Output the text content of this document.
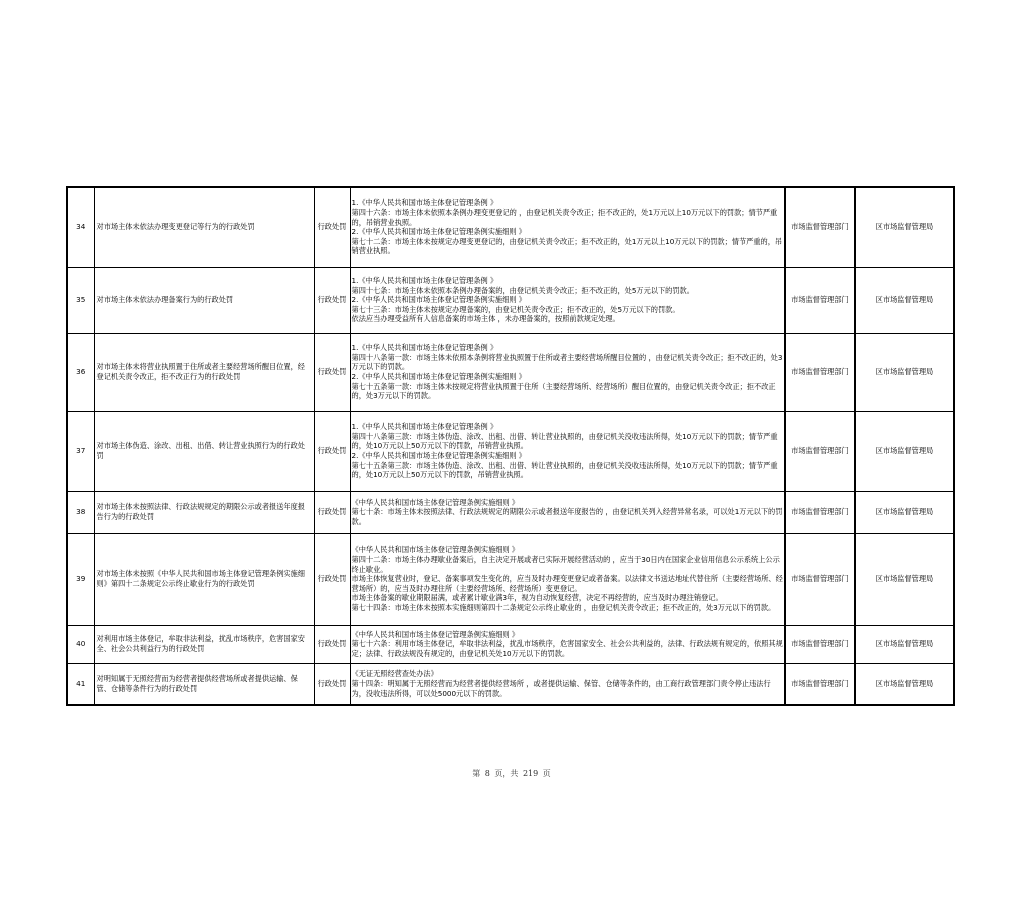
34	对市场主体未依法办理变更登记等行为的行政处罚	行政处罚	1.《中华人民共和国市场主体登记管理条例 》
第四十六条：市场主体未依照本条例办理变更登记的 ，由登记机关责令改正；拒不改正的，处1万元以上10万元以下的罚款；情节严重的，吊销营业执照。
2.《中华人民共和国市场主体登记管理条例实施细则 》
第七十二条：市场主体未按规定办理变更登记的，由登记机关责令改正；拒不改正的，处1万元以上10万元以下的罚款；情节严重的，吊销营业执照。	市场监督管理部门	区市场监督管理局
35	对市场主体未依法办理备案行为的行政处罚	行政处罚	1.《中华人民共和国市场主体登记管理条例 》
第四十七条：市场主体未依照本条例办理备案的，由登记机关责令改正；拒不改正的，处5万元以下的罚款。
2.《中华人民共和国市场主体登记管理条例实施细则 》
第七十三条：市场主体未按规定办理备案的，由登记机关责令改正；拒不改正的，处5万元以下的罚款。
依法应当办理受益所有人信息备案的市场主体 ，未办理备案的，按照前款规定处理。	市场监督管理部门	区市场监督管理局
36	对市场主体未将营业执照置于住所或者主要经营场所醒目位置，经登记机关责令改正，拒不改正行为的行政处罚	行政处罚	1.《中华人民共和国市场主体登记管理条例 》
第四十八条第一款：市场主体未依照本条例将营业执照置于住所或者主要经营场所醒目位置的 ，由登记机关责令改正；拒不改正的，处3万元以下的罚款。
2.《中华人民共和国市场主体登记管理条例实施细则 》
第七十五条第一款：市场主体未按规定将营业执照置于住所（主要经营场所、经营场所）醒目位置的，由登记机关责令改正；拒不改正的，处3万元以下的罚款。	市场监督管理部门	区市场监督管理局
37	对市场主体伪造、涂改、出租、出借、转让营业执照行为的行政处罚	行政处罚	1.《中华人民共和国市场主体登记管理条例 》
第四十八条第三款：市场主体伪造、涂改、出租、出借、转让营业执照的，由登记机关没收违法所得，处10万元以下的罚款；情节严重的，处10万元以上50万元以下的罚款，吊销营业执照。
2.《中华人民共和国市场主体登记管理条例实施细则 》
第七十五条第三款：市场主体伪造、涂改、出租、出借、转让营业执照的，由登记机关没收违法所得，处10万元以下的罚款；情节严重的，处10万元以上50万元以下的罚款，吊销营业执照。	市场监督管理部门	区市场监督管理局
38	对市场主体未按照法律、行政法规规定的期限公示或者报送年度报告行为的行政处罚	行政处罚	《中华人民共和国市场主体登记管理条例实施细则 》
第七十条：市场主体未按照法律、行政法规规定的期限公示或者报送年度报告的 ，由登记机关列入经营异常名录，可以处1万元以下的罚款。	市场监督管理部门	区市场监督管理局
39	对市场主体未按照《中华人民共和国市场主体登记管理条例实施细则》第四十二条规定公示终止歇业行为的行政处罚	行政处罚	《中华人民共和国市场主体登记管理条例实施细则 》
第四十二条：市场主体办理歇业备案后，自主决定开展或者已实际开展经营活动的 ，应当于30日内在国家企业信用信息公示系统上公示终止歇业。
市场主体恢复营业时，登记、备案事项发生变化的，应当及时办理变更登记或者备案。以法律文书送达地址代替住所（主要经营场所、经营场所）的，应当及时办理住所（主要经营场所、经营场所）变更登记。
市场主体备案的歇业期限届满，或者累计歇业满3年，视为自动恢复经营，决定不再经营的，应当及时办理注销登记。
第七十四条：市场主体未按照本实施细则第四十二条规定公示终止歇业的 ，由登记机关责令改正；拒不改正的，处3万元以下的罚款。	市场监督管理部门	区市场监督管理局
40	对利用市场主体登记，牟取非法利益，扰乱市场秩序，危害国家安全、社会公共利益行为的行政处罚	行政处罚	《中华人民共和国市场主体登记管理条例实施细则 》
第七十六条：利用市场主体登记，牟取非法利益，扰乱市场秩序，危害国家安全、社会公共利益的，法律、行政法规有规定的，依照其规定；法律、行政法规没有规定的，由登记机关处10万元以下的罚款。	市场监督管理部门	区市场监督管理局
41	对明知属于无照经营而为经营者提供经营场所或者提供运输、保管、仓储等条件行为的行政处罚	行政处罚	《无证无照经营查处办法》
第十四条：明知属于无照经营而为经营者提供经营场所 ，或者提供运输、保管、仓储等条件的，由工商行政管理部门责令停止违法行为，没收违法所得，可以处5000元以下的罚款。	市场监督管理部门	区市场监督管理局
第 8 页，共 219 页
